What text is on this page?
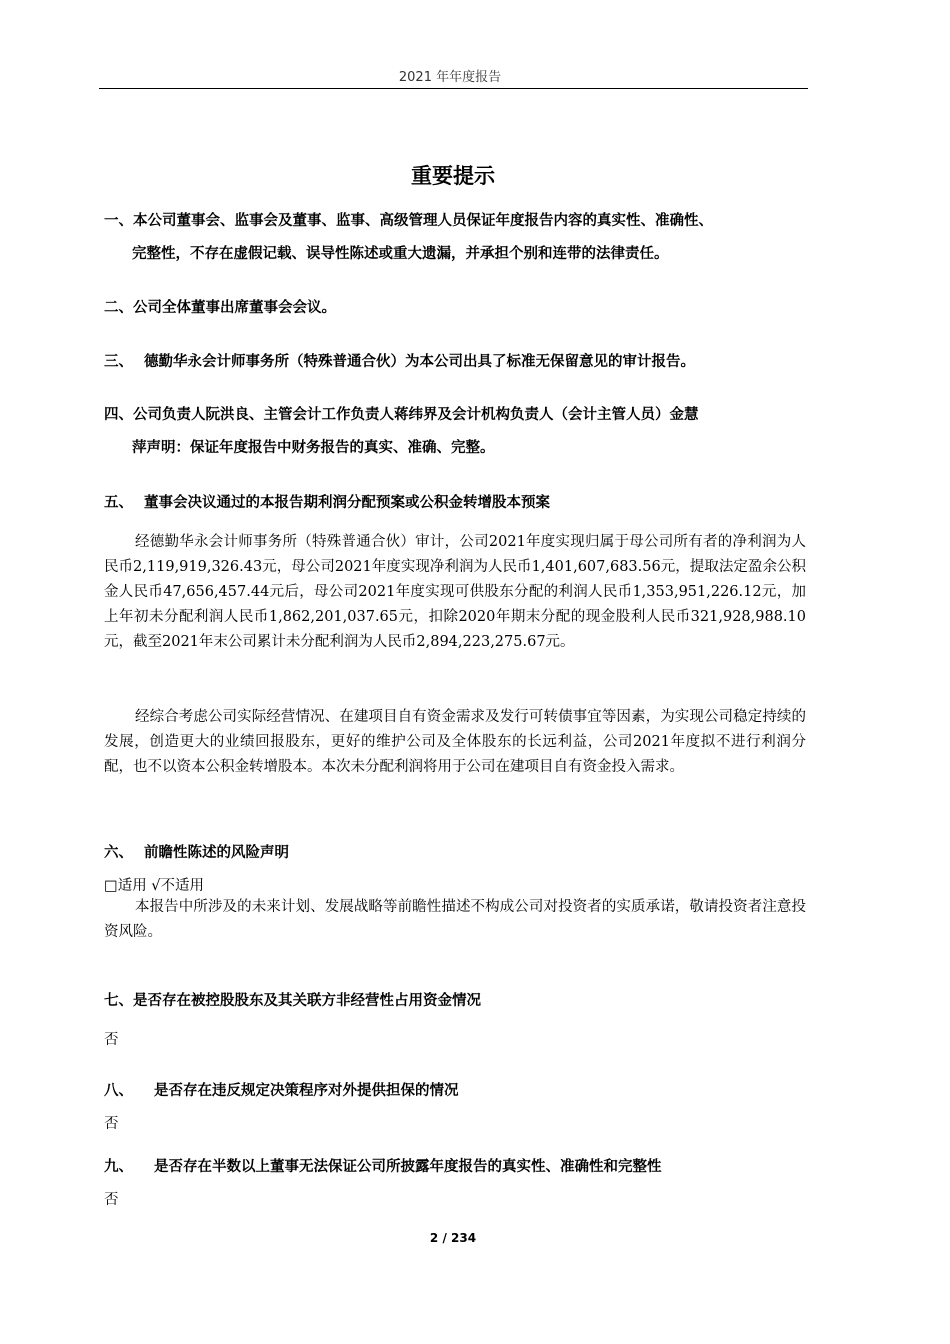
2021 年年度报告
重要提示
一、本公司董事会、监事会及董事、监事、高级管理人员保证年度报告内容的真实性、准确性、
完整性，不存在虚假记载、误导性陈述或重大遗漏，并承担个别和连带的法律责任。
二、公司全体董事出席董事会会议。
三、 德勤华永会计师事务所（特殊普通合伙）为本公司出具了标准无保留意见的审计报告。
四、公司负责人阮洪良、主管会计工作负责人蒋纬界及会计机构负责人（会计主管人员）金慧
萍声明：保证年度报告中财务报告的真实、准确、完整。
五、 董事会决议通过的本报告期利润分配预案或公积金转增股本预案
经德勤华永会计师事务所（特殊普通合伙）审计，公司2021年度实现归属于母公司所有者的净利润为人民币2,119,919,326.43元，母公司2021年度实现净利润为人民币1,401,607,683.56元，提取法定盈余公积金人民币47,656,457.44元后，母公司2021年度实现可供股东分配的利润人民币1,353,951,226.12元，加上年初未分配利润人民币1,862,201,037.65元，扣除2020年期末分配的现金股利人民币321,928,988.10元，截至2021年末公司累计未分配利润为人民币2,894,223,275.67元。
经综合考虑公司实际经营情况、在建项目自有资金需求及发行可转债事宜等因素，为实现公司稳定持续的发展，创造更大的业绩回报股东，更好的维护公司及全体股东的长远利益，公司2021年度拟不进行利润分配，也不以资本公积金转增股本。本次未分配利润将用于公司在建项目自有资金投入需求。
六、 前瞻性陈述的风险声明
□适用 √不适用
本报告中所涉及的未来计划、发展战略等前瞻性描述不构成公司对投资者的实质承诺，敬请投资者注意投资风险。
七、是否存在被控股股东及其关联方非经营性占用资金情况
否
八、 是否存在违反规定决策程序对外提供担保的情况
否
九、 是否存在半数以上董事无法保证公司所披露年度报告的真实性、准确性和完整性
否
2 / 234
